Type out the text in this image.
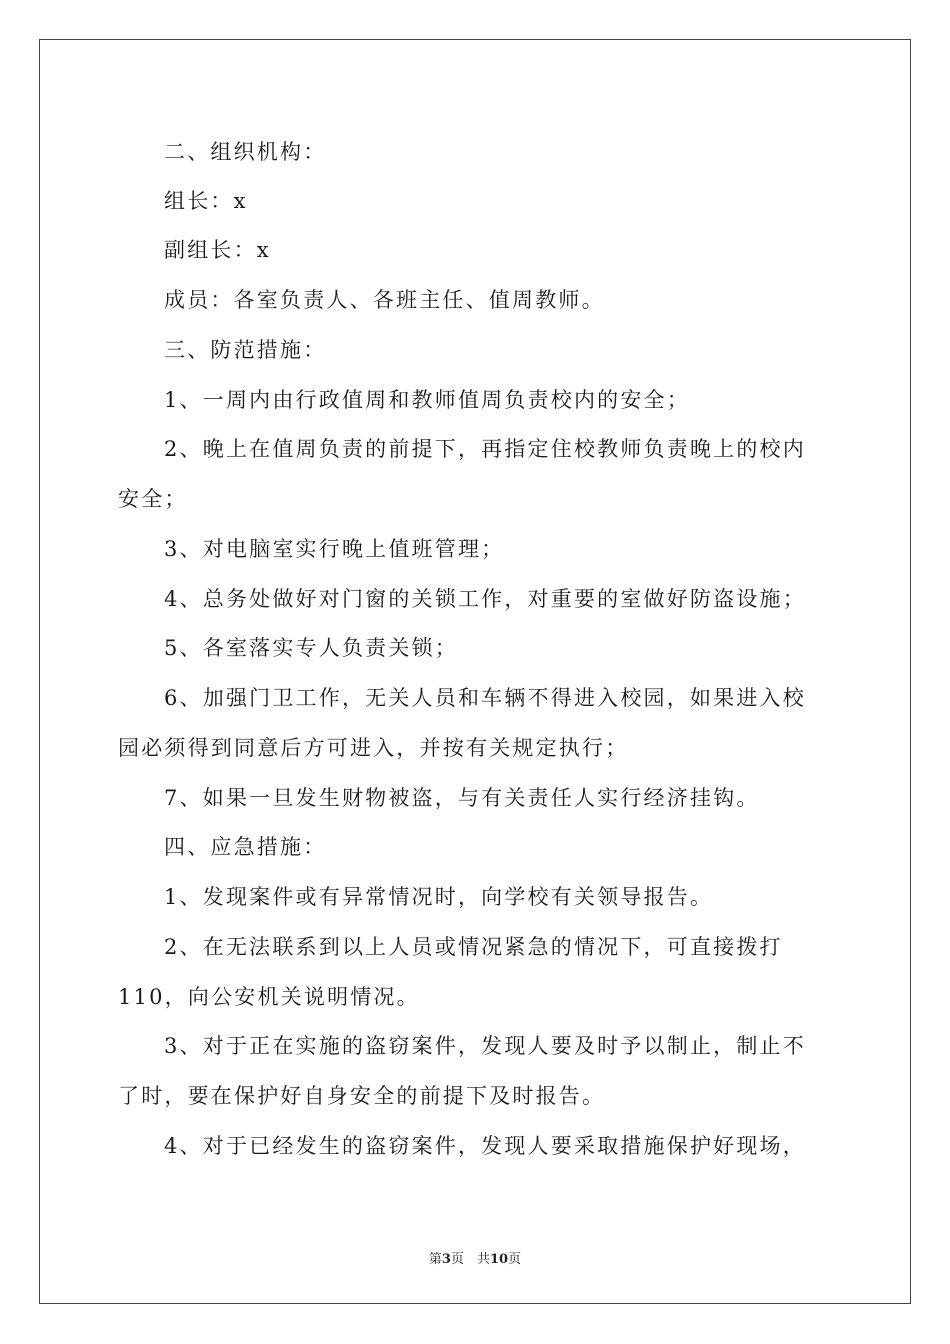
二、组织机构：
组长：x
副组长：x
成员：各室负责人、各班主任、值周教师。
三、防范措施：
1、一周内由行政值周和教师值周负责校内的安全；
2、晚上在值周负责的前提下，再指定住校教师负责晚上的校内
安全；
3、对电脑室实行晚上值班管理；
4、总务处做好对门窗的关锁工作，对重要的室做好防盗设施；
5、各室落实专人负责关锁；
6、加强门卫工作，无关人员和车辆不得进入校园，如果进入校
园必须得到同意后方可进入，并按有关规定执行；
7、如果一旦发生财物被盗，与有关责任人实行经济挂钩。
四、应急措施：
1、发现案件或有异常情况时，向学校有关领导报告。
2、在无法联系到以上人员或情况紧急的情况下，可直接拨打
110，向公安机关说明情况。
3、对于正在实施的盗窃案件，发现人要及时予以制止，制止不
了时，要在保护好自身安全的前提下及时报告。
4、对于已经发生的盗窃案件，发现人要采取措施保护好现场，
第3页　共10页
